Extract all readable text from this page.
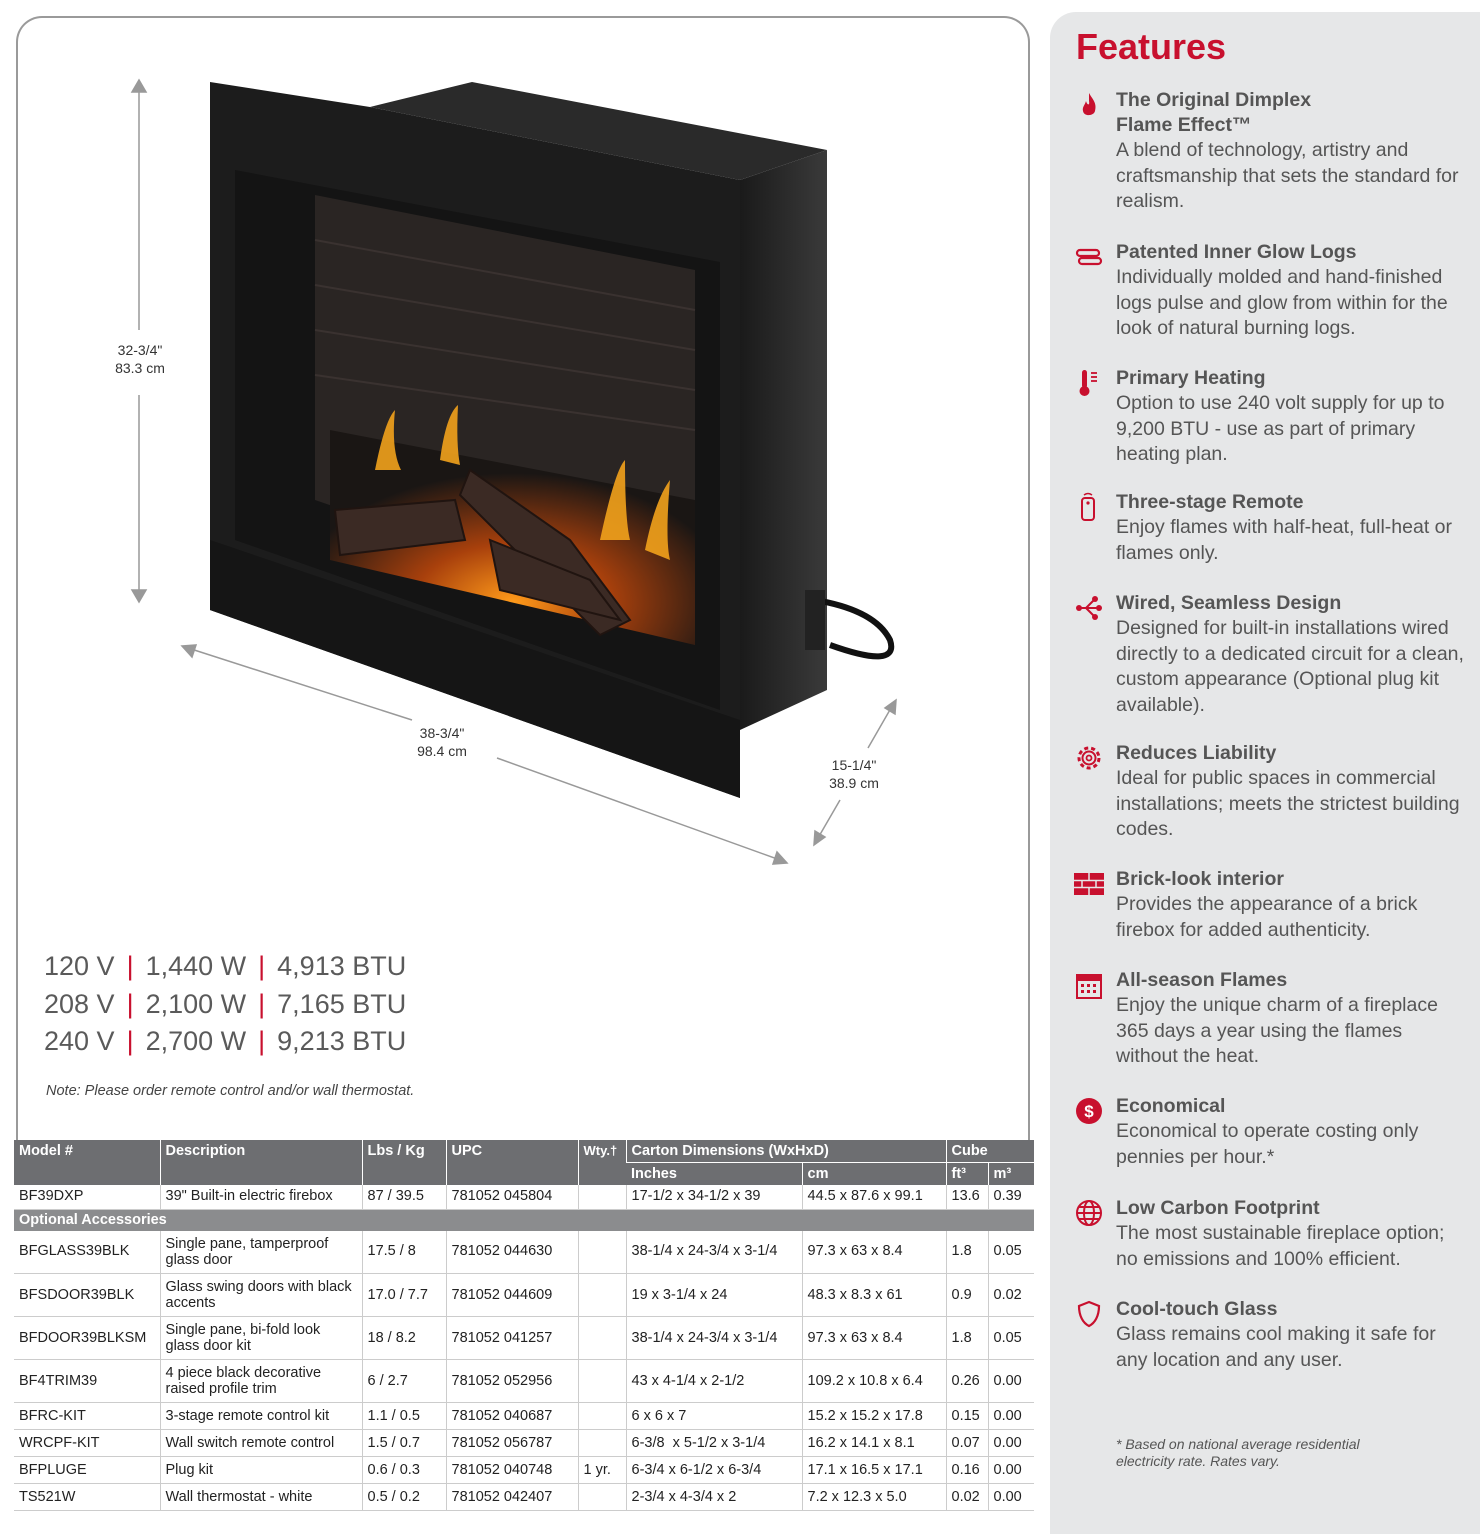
32-3/4"
83.3 cm
38-3/4"
98.4 cm
15-1/4"
38.9 cm
120 V | 1,440 W | 4,913 BTU
208 V | 2,100 W | 7,165 BTU
240 V | 2,700 W | 9,213 BTU
Note: Please order remote control and/or wall thermostat.
Model #	Description	Lbs / Kg	UPC	Wty.†	Carton Dimensions (WxHxD)		Cube	
					Inches	cm	ft³	m³
BF39DXP	39" Built-in electric firebox	87 / 39.5	781052 045804		17-1/2 x 34-1/2 x 39	44.5 x 87.6 x 99.1	13.6	0.39
Optional Accessories								
BFGLASS39BLK	Single pane, tamperproof glass door	17.5 / 8	781052 044630		38-1/4 x 24-3/4 x 3-1/4	97.3 x 63 x 8.4	1.8	0.05
BFSDOOR39BLK	Glass swing doors with black accents	17.0 / 7.7	781052 044609		19 x 3-1/4 x 24	48.3 x 8.3 x 61	0.9	0.02
BFDOOR39BLKSM	Single pane, bi-fold look glass door kit	18 / 8.2	781052 041257		38-1/4 x 24-3/4 x 3-1/4	97.3 x 63 x 8.4	1.8	0.05
BF4TRIM39	4 piece black decorative raised profile trim	6 / 2.7	781052 052956		43 x 4-1/4 x 2-1/2	109.2 x 10.8 x 6.4	0.26	0.00
BFRC-KIT	3-stage remote control kit	1.1 / 0.5	781052 040687		6 x 6 x 7	15.2 x 15.2 x 17.8	0.15	0.00
WRCPF-KIT	Wall switch remote control	1.5 / 0.7	781052 056787		6-3/8  x 5-1/2 x 3-1/4	16.2 x 14.1 x 8.1	0.07	0.00
BFPLUGE	Plug kit	0.6 / 0.3	781052 040748	1 yr.	6-3/4 x 6-1/2 x 6-3/4	17.1 x 16.5 x 17.1	0.16	0.00
TS521W	Wall thermostat - white	0.5 / 0.2	781052 042407		2-3/4 x 4-3/4 x 2	7.2 x 12.3 x 5.0	0.02	0.00
Features
The Original Dimplex Flame Effect™
A blend of technology, artistry and craftsmanship that sets the standard for realism.
Patented Inner Glow Logs
Individually molded and hand-finished logs pulse and glow from within for the look of natural burning logs.
Primary Heating
Option to use 240 volt supply for up to 9,200 BTU - use as part of primary heating plan.
Three-stage Remote
Enjoy flames with half-heat, full-heat or flames only.
Wired, Seamless Design
Designed for built-in installations wired directly to a dedicated circuit for a clean, custom appearance (Optional plug kit available).
Reduces Liability
Ideal for public spaces in commercial installations; meets the strictest building codes.
Brick-look interior
Provides the appearance of a brick firebox for added authenticity.
All-season Flames
Enjoy the unique charm of a fireplace 365 days a year using the flames without the heat.
$ Economical
Economical to operate costing only pennies per hour.*
Low Carbon Footprint
The most sustainable fireplace option; no emissions and 100% efficient.
Cool-touch Glass
Glass remains cool making it safe for any location and any user.
* Based on national average residential electricity rate. Rates vary.
